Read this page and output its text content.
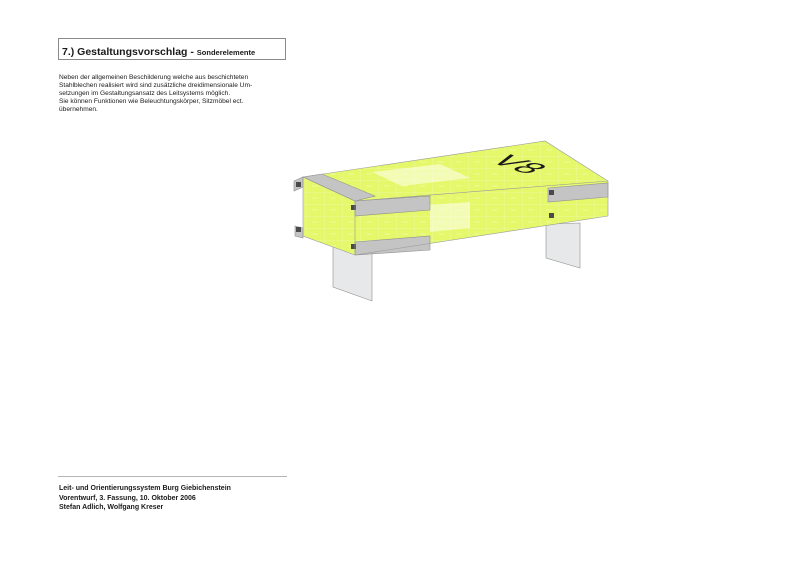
7.) Gestaltungsvorschlag - Sonderelemente
Neben der allgemeinen Beschilderung welche aus beschichteten
Stahlblechen realisiert wird sind zusätzliche dreidimensionale Um-
setzungen im Gestaltungsansatz des Leitsystems möglich.
Sie können Funktionen wie Beleuchtungskörper, Sitzmöbel ect.
übernehmen.
V8
Leit- und Orientierungssystem Burg Giebichenstein
Vorentwurf, 3. Fassung, 10. Oktober 2006
Stefan Adlich, Wolfgang Kreser
